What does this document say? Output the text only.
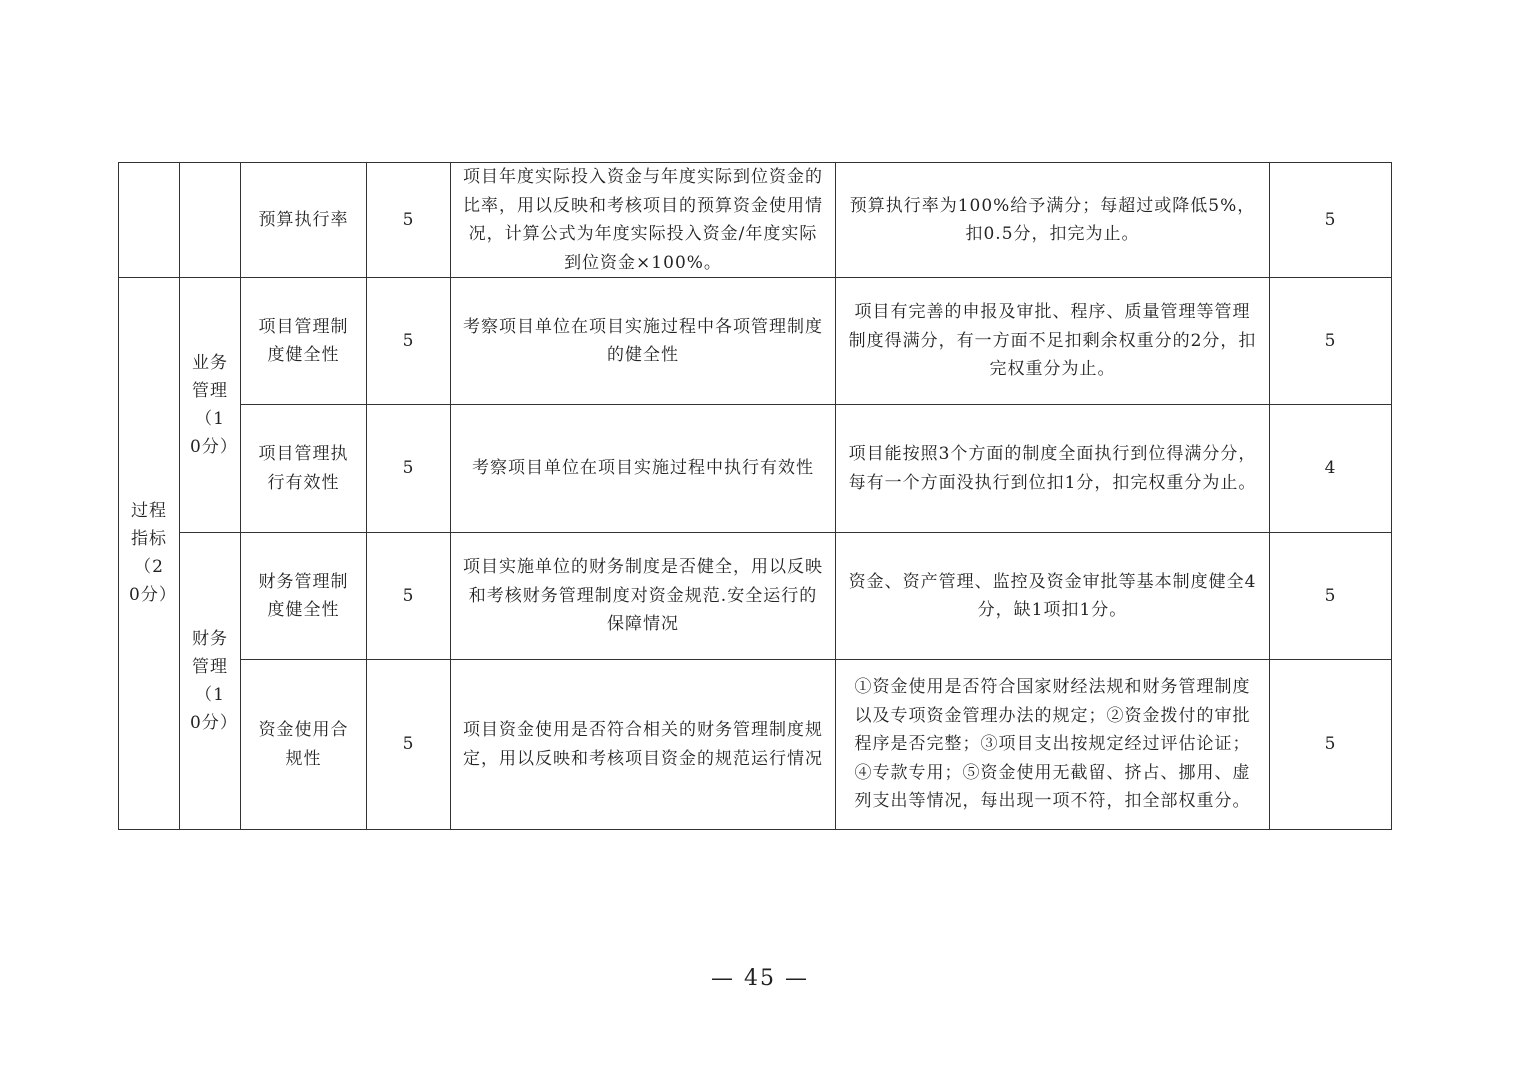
		预算执行率	5	项目年度实际投入资金与年度实际到位资金的比率，用以反映和考核项目的预算资金使用情况，计算公式为年度实际投入资金/年度实际到位资金×100%。	预算执行率为100%给予满分；每超过或降低5%，扣0.5分，扣完为止。	5
过程指标（20分）	业务管理（10分）	项目管理制度健全性	5	考察项目单位在项目实施过程中各项管理制度的健全性	项目有完善的申报及审批、程序、质量管理等管理制度得满分，有一方面不足扣剩余权重分的2分，扣完权重分为止。	5
		项目管理执行有效性	5	考察项目单位在项目实施过程中执行有效性	项目能按照3个方面的制度全面执行到位得满分分，每有一个方面没执行到位扣1分，扣完权重分为止。	4
	财务管理（10分）	财务管理制度健全性	5	项目实施单位的财务制度是否健全，用以反映和考核财务管理制度对资金规范.安全运行的保障情况	资金、资产管理、监控及资金审批等基本制度健全4分，缺1项扣1分。	5
		资金使用合规性	5	项目资金使用是否符合相关的财务管理制度规定，用以反映和考核项目资金的规范运行情况	①资金使用是否符合国家财经法规和财务管理制度以及专项资金管理办法的规定；②资金拨付的审批程序是否完整；③项目支出按规定经过评估论证；④专款专用；⑤资金使用无截留、挤占、挪用、虚列支出等情况，每出现一项不符，扣全部权重分。	5
— 45 —
